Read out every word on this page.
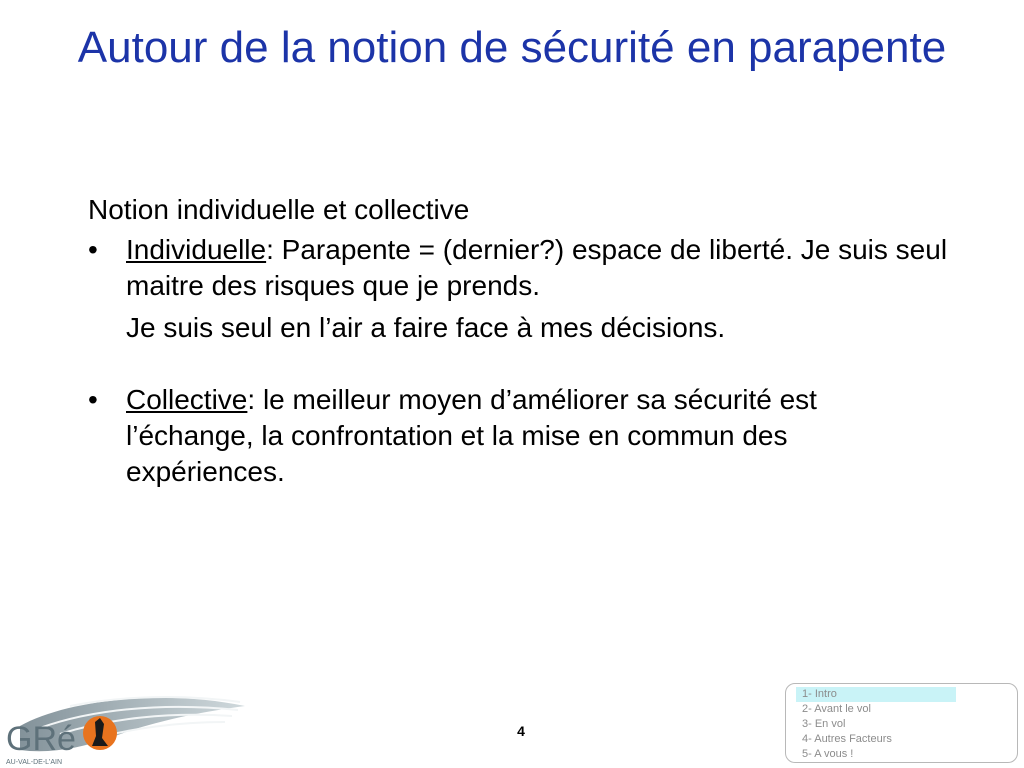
Autour de la notion de sécurité en parapente
Notion individuelle et collective
• Individuelle: Parapente = (dernier?) espace de liberté. Je suis seul maitre des risques que je prends.
Je suis seul en l’air a faire face à mes décisions.
• Collective: le meilleur moyen d’améliorer sa sécurité est l’échange, la confrontation et la mise en commun des expériences.
GRé
AU-VAL-DE-L'AIN
4
1- Intro
2- Avant le vol
3- En vol
4- Autres Facteurs
5- A vous !
